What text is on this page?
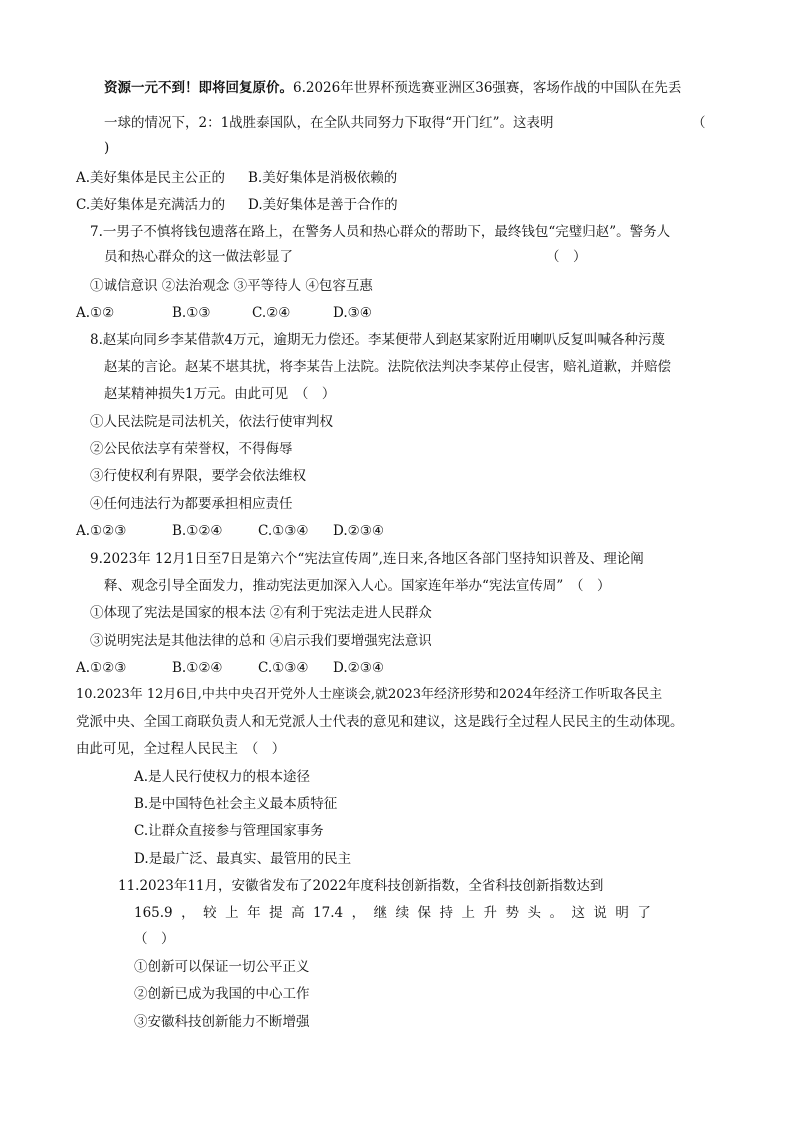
资源一元不到！即将回复原价。6.2026年世界杯预选赛亚洲区36强赛，客场作战的中国队在先丢
一球的情况下，2：1战胜泰国队，在全队共同努力下取得“开门红”。这表明	（
)
A.美好集体是民主公正的 B.美好集体是消极依赖的
C.美好集体是充满活力的 D.美好集体是善于合作的
7.一男子不慎将钱包遗落在路上，在警务人员和热心群众的帮助下，最终钱包“完璧归赵”。警务人
员和热心群众的这一做法彰显了	（　）
①诚信意识 ②法治观念 ③平等待人 ④包容互惠
A.①②	B.①③	C.②④	D.③④
8.赵某向同乡李某借款4万元，逾期无力偿还。李某便带人到赵某家附近用喇叭反复叫喊各种污蔑
赵某的言论。赵某不堪其扰，将李某告上法院。法院依法判决李某停止侵害，赔礼道歉，并赔偿
赵某精神损失1万元。由此可见　（　）
①人民法院是司法机关，依法行使审判权
②公民依法享有荣誉权，不得侮辱
③行使权利有界限，要学会依法维权
④任何违法行为都要承担相应责任
A.①②③	B.①②④	C.①③④ D.②③④
9.2023年 12月1日至7日是第六个“宪法宣传周”,连日来,各地区各部门坚持知识普及、理论阐
释、观念引导全面发力，推动宪法更加深入人心。国家连年举办“宪法宣传周”　（　）
①体现了宪法是国家的根本法 ②有利于宪法走进人民群众
③说明宪法是其他法律的总和 ④启示我们要增强宪法意识
A.①②③	B.①②④	C.①③④ D.②③④
10.2023年 12月6日,中共中央召开党外人士座谈会,就2023年经济形势和2024年经济工作听取各民主
党派中央、全国工商联负责人和无党派人士代表的意见和建议，这是践行全过程人民民主的生动体现。
由此可见，全过程人民民主　（　）
A.是人民行使权力的根本途径
B.是中国特色社会主义最本质特征
C.让群众直接参与管理国家事务
D.是最广泛、最真实、最管用的民主
11.2023年11月，安徽省发布了2022年度科技创新指数，全省科技创新指数达到
165.9 ， 较 上 年 提 高 17.4 ， 继 续 保 持 上 升 势 头 。 这 说 明 了
（　）
①创新可以保证一切公平正义
②创新已成为我国的中心工作
③安徽科技创新能力不断增强
